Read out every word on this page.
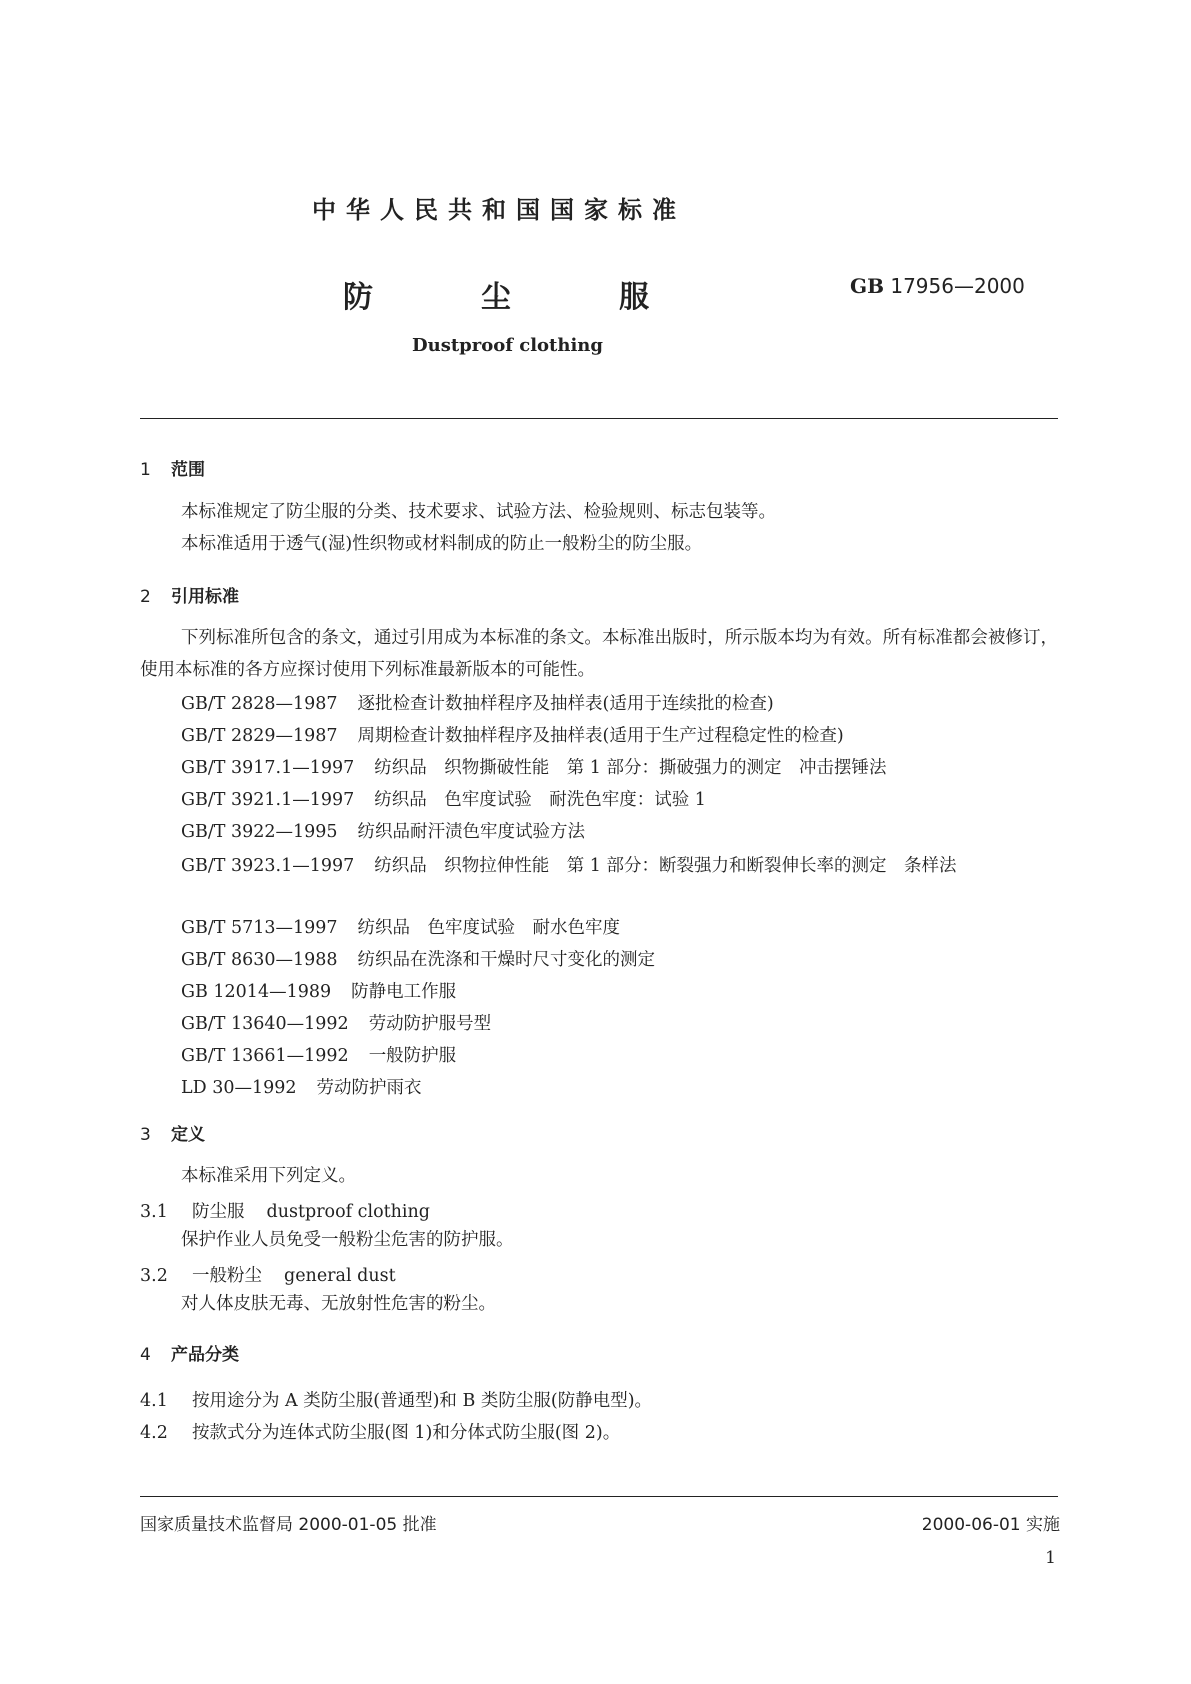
中华人民共和国国家标准
防	尘	服	GB 17956—2000
Dustproof clothing
1 范围
本标准规定了防尘服的分类、技术要求、试验方法、检验规则、标志包装等。
本标准适用于透气(湿)性织物或材料制成的防止一般粉尘的防尘服。
2 引用标准
下列标准所包含的条文，通过引用成为本标准的条文。本标准出版时，所示版本均为有效。所有标准都会被修订，使用本标准的各方应探讨使用下列标准最新版本的可能性。
GB/T 2828—1987 逐批检查计数抽样程序及抽样表(适用于连续批的检查)
GB/T 2829—1987 周期检查计数抽样程序及抽样表(适用于生产过程稳定性的检查)
GB/T 3917.1—1997 纺织品　织物撕破性能　第 1 部分：撕破强力的测定　冲击摆锤法
GB/T 3921.1—1997 纺织品　色牢度试验　耐洗色牢度：试验 1
GB/T 3922—1995 纺织品耐汗渍色牢度试验方法
GB/T 3923.1—1997 纺织品　织物拉伸性能　第 1 部分：断裂强力和断裂伸长率的测定　条样法
GB/T 5713—1997 纺织品　色牢度试验　耐水色牢度
GB/T 8630—1988 纺织品在洗涤和干燥时尺寸变化的测定
GB 12014—1989 防静电工作服
GB/T 13640—1992 劳动防护服号型
GB/T 13661—1992 一般防护服
LD 30—1992 劳动防护雨衣
3 定义
本标准采用下列定义。
3.1 防尘服 dustproof clothing
保护作业人员免受一般粉尘危害的防护服。
3.2 一般粉尘 general dust
对人体皮肤无毒、无放射性危害的粉尘。
4 产品分类
4.1 按用途分为 A 类防尘服(普通型)和 B 类防尘服(防静电型)。
4.2 按款式分为连体式防尘服(图 1)和分体式防尘服(图 2)。
国家质量技术监督局 2000-01-05 批准	2000-06-01 实施
1
